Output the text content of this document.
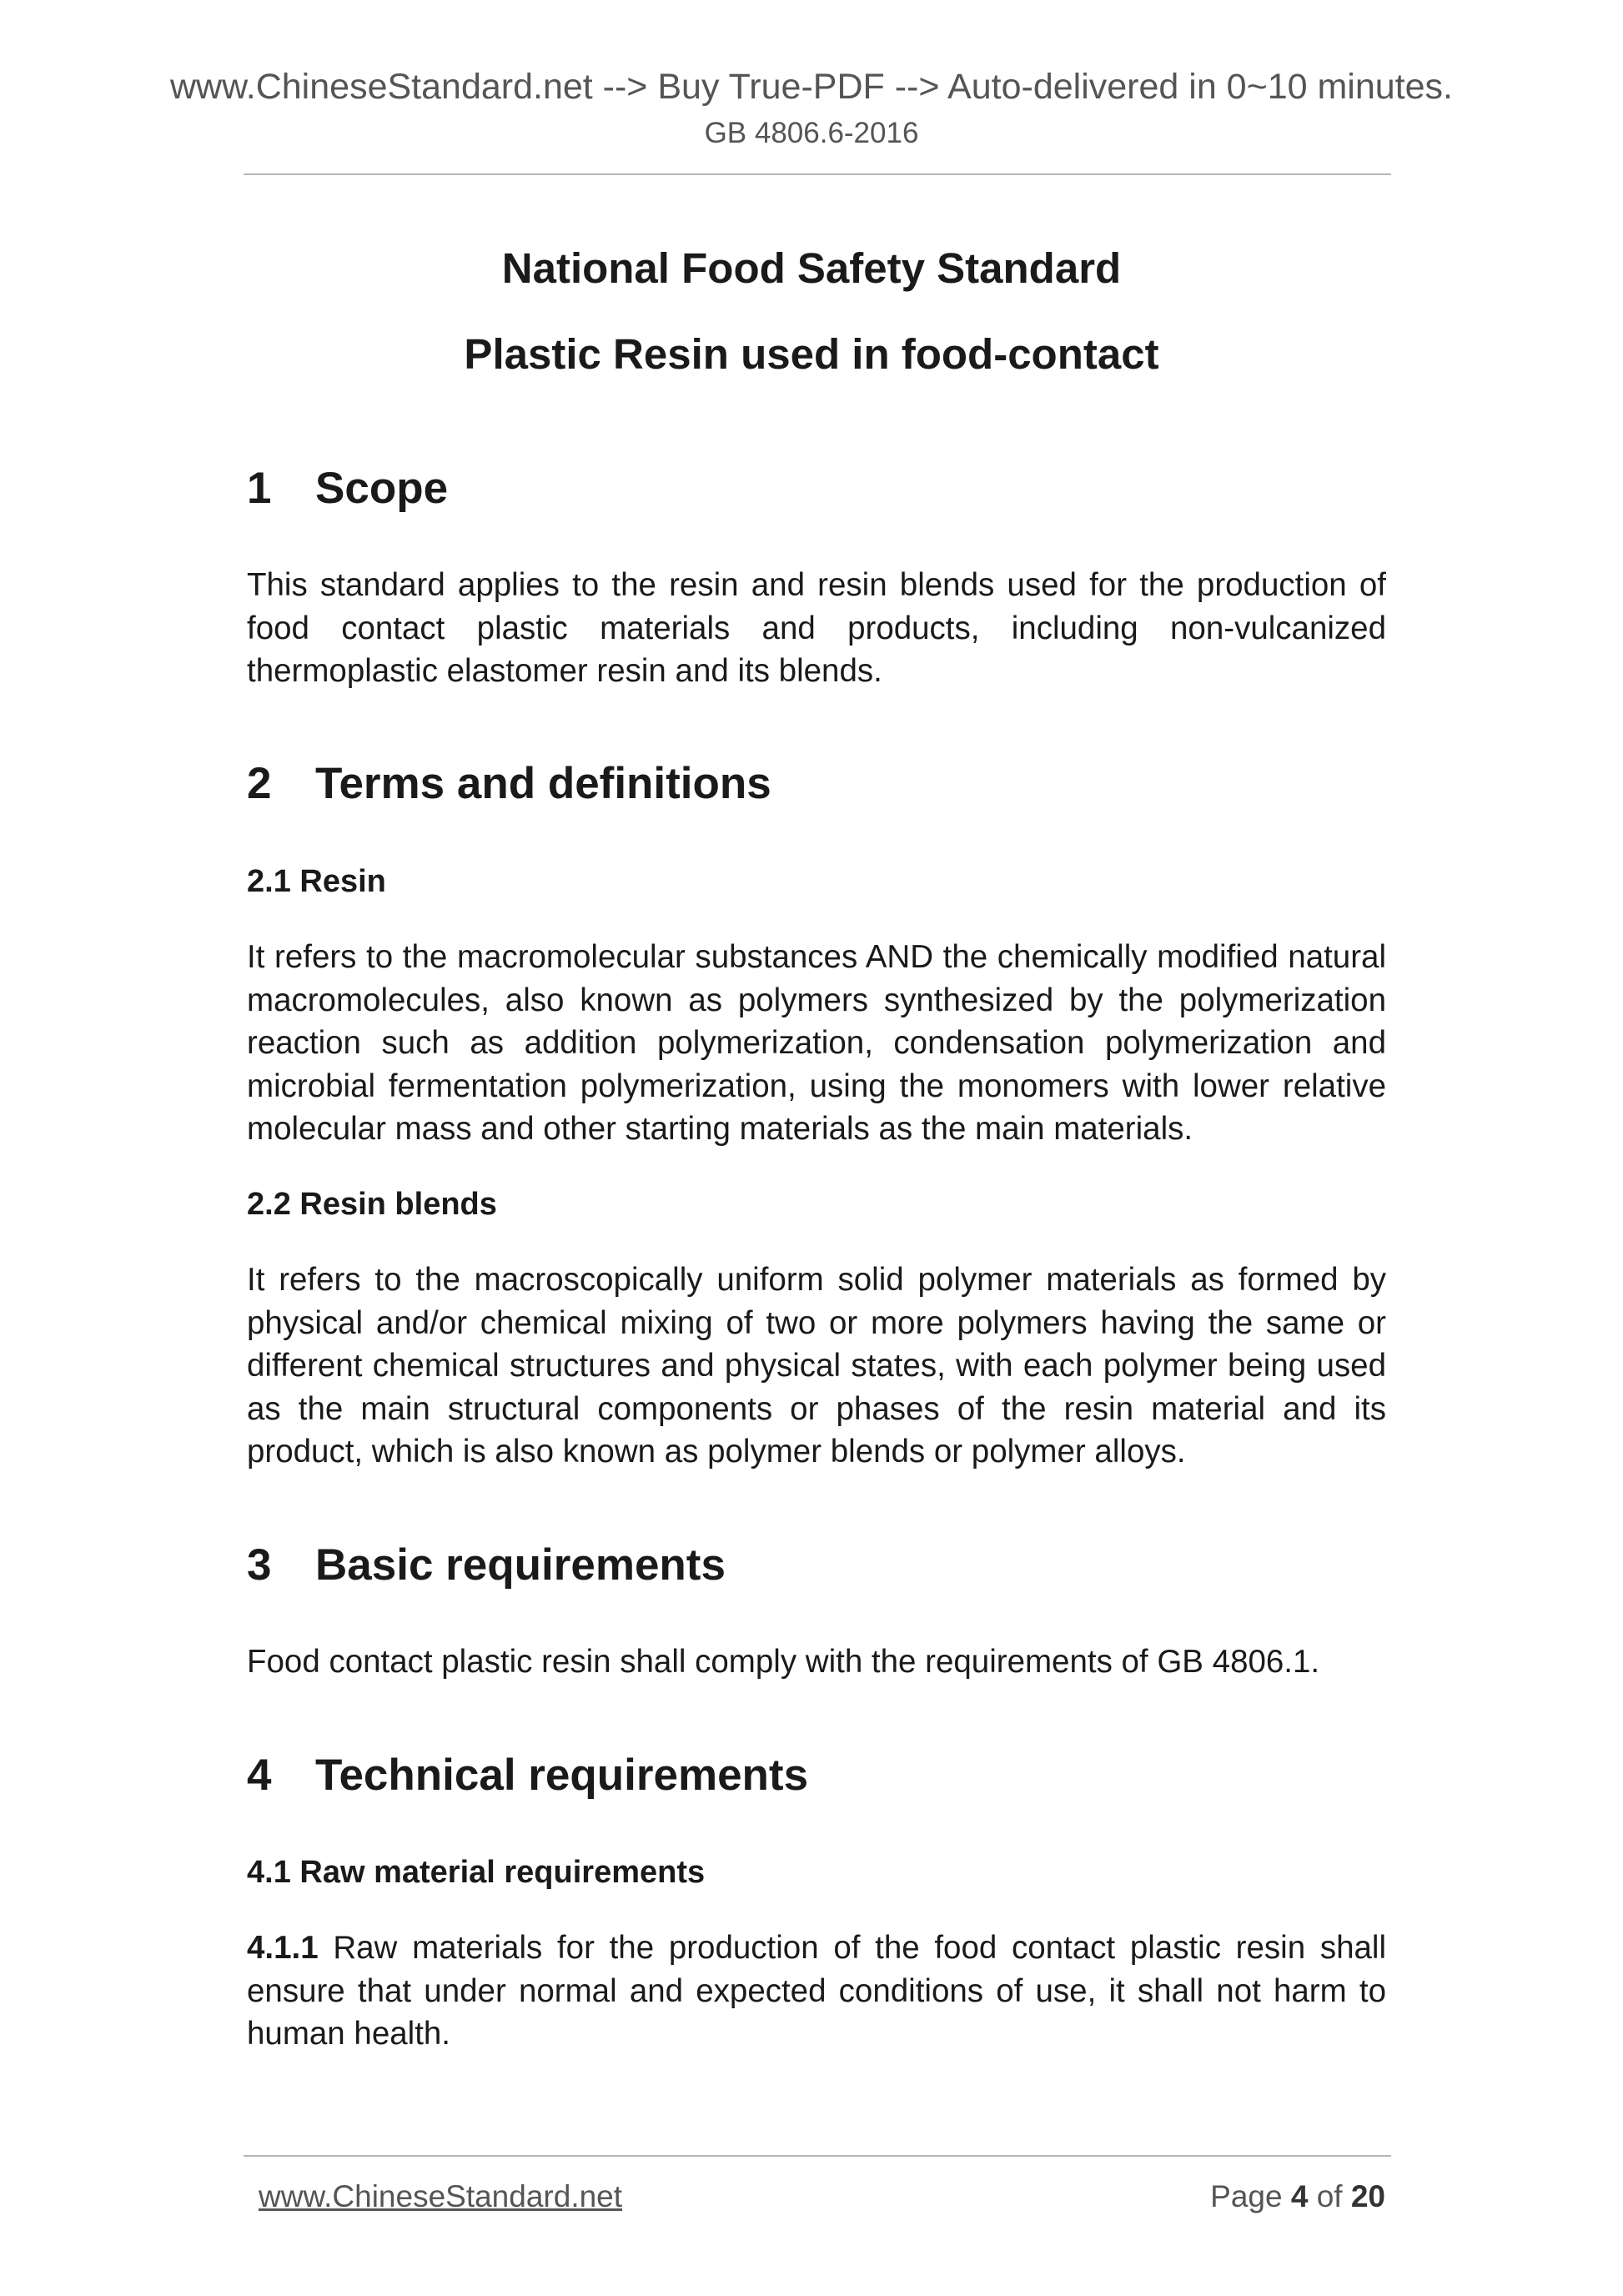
www.ChineseStandard.net --> Buy True-PDF --> Auto-delivered in 0~10 minutes.
GB 4806.6-2016
National Food Safety Standard
Plastic Resin used in food-contact
1 Scope
This standard applies to the resin and resin blends used for the production of food contact plastic materials and products, including non-vulcanized thermoplastic elastomer resin and its blends.
2 Terms and definitions
2.1 Resin
It refers to the macromolecular substances AND the chemically modified natural macromolecules, also known as polymers synthesized by the polymerization reaction such as addition polymerization, condensation polymerization and microbial fermentation polymerization, using the monomers with lower relative molecular mass and other starting materials as the main materials.
2.2 Resin blends
It refers to the macroscopically uniform solid polymer materials as formed by physical and/or chemical mixing of two or more polymers having the same or different chemical structures and physical states, with each polymer being used as the main structural components or phases of the resin material and its product, which is also known as polymer blends or polymer alloys.
3 Basic requirements
Food contact plastic resin shall comply with the requirements of GB 4806.1.
4 Technical requirements
4.1 Raw material requirements
4.1.1 Raw materials for the production of the food contact plastic resin shall ensure that under normal and expected conditions of use, it shall not harm to human health.
www.ChineseStandard.net	Page 4 of 20
